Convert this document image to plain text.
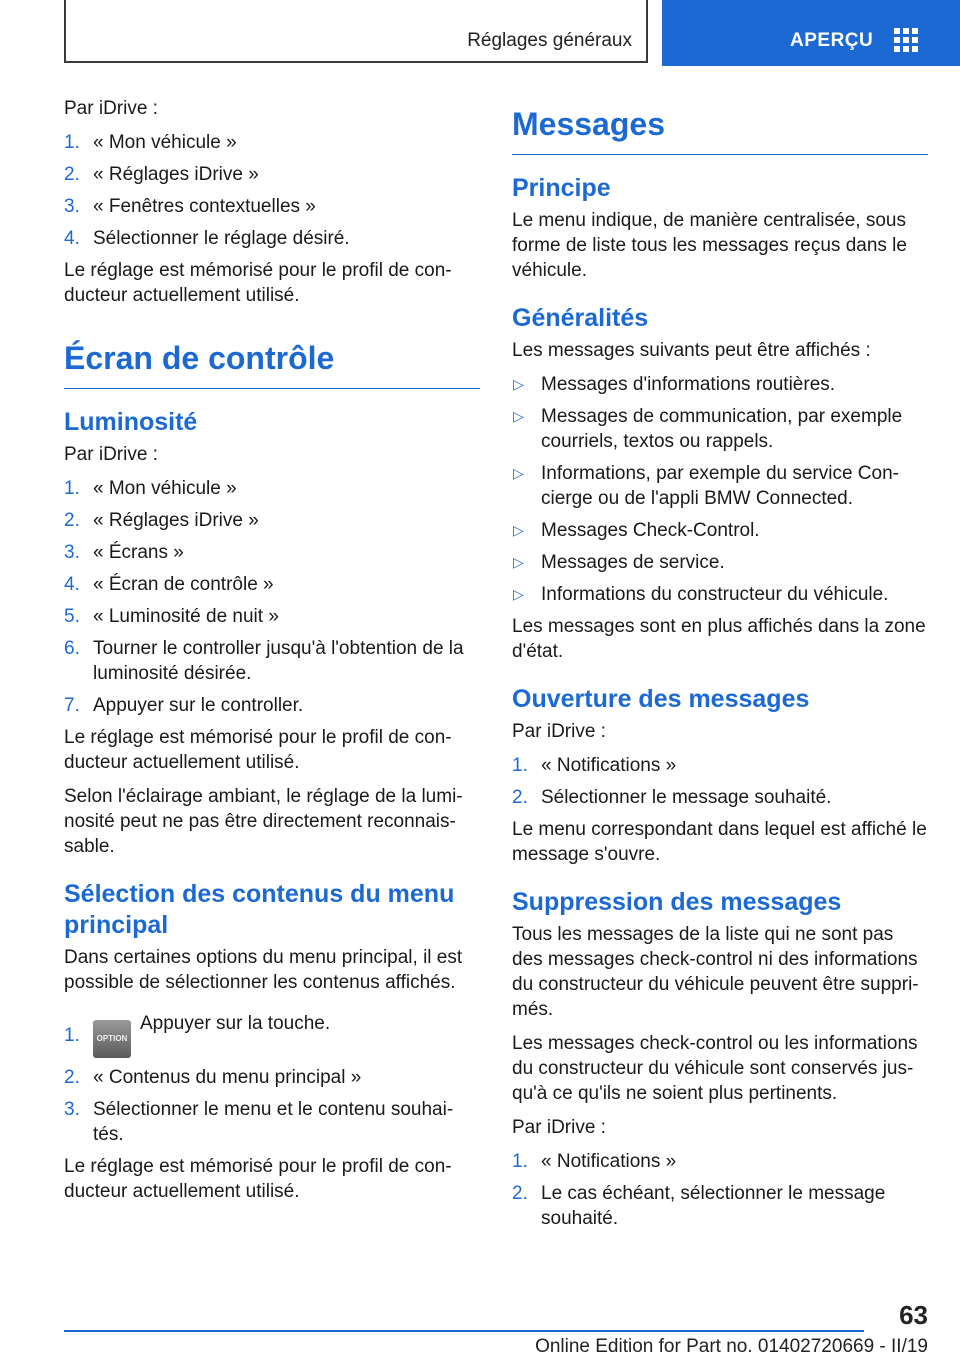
Réglages généraux	APERÇU

Par iDrive :

1. « Mon véhicule »
2. « Réglages iDrive »
3. « Fenêtres contextuelles »
4. Sélectionner le réglage désiré.

Le réglage est mémorisé pour le profil de con-ducteur actuellement utilisé.

Écran de contrôle
Luminosité

Par iDrive :

1. « Mon véhicule »
2. « Réglages iDrive »
3. « Écrans »
4. « Écran de contrôle »
5. « Luminosité de nuit »
6. Tourner le controller jusqu'à l'obtention de la luminosité désirée.
7. Appuyer sur le controller.

Le réglage est mémorisé pour le profil de con-ducteur actuellement utilisé.

Selon l'éclairage ambiant, le réglage de la lumi-nosité peut ne pas être directement reconnais-sable.

Sélection des contenus du menu principal

Dans certaines options du menu principal, il est possible de sélectionner les contenus affichés.

1. OPTIONAppuyer sur la touche.
2. « Contenus du menu principal »
3. Sélectionner le menu et le contenu souhai-tés.

Le réglage est mémorisé pour le profil de con-ducteur actuellement utilisé.

Messages
Principe

Le menu indique, de manière centralisée, sous forme de liste tous les messages reçus dans le véhicule.

Généralités

Les messages suivants peut être affichés :

▷ Messages d'informations routières.
▷ Messages de communication, par exemple courriels, textos ou rappels.
▷ Informations, par exemple du service Con-cierge ou de l'appli BMW Connected.
▷ Messages Check-Control.
▷ Messages de service.
▷ Informations du constructeur du véhicule.

Les messages sont en plus affichés dans la zone d'état.

Ouverture des messages

Par iDrive :

1. « Notifications »
2. Sélectionner le message souhaité.

Le menu correspondant dans lequel est affiché le message s'ouvre.

Suppression des messages

Tous les messages de la liste qui ne sont pas des messages check-control ni des informations du constructeur du véhicule peuvent être suppri-més.

Les messages check-control ou les informations du constructeur du véhicule sont conservés jus-qu'à ce qu'ils ne soient plus pertinents.

Par iDrive :

1. « Notifications »
2. Le cas échéant, sélectionner le message souhaité.
63
Online Edition for Part no. 01402720669 - II/19
